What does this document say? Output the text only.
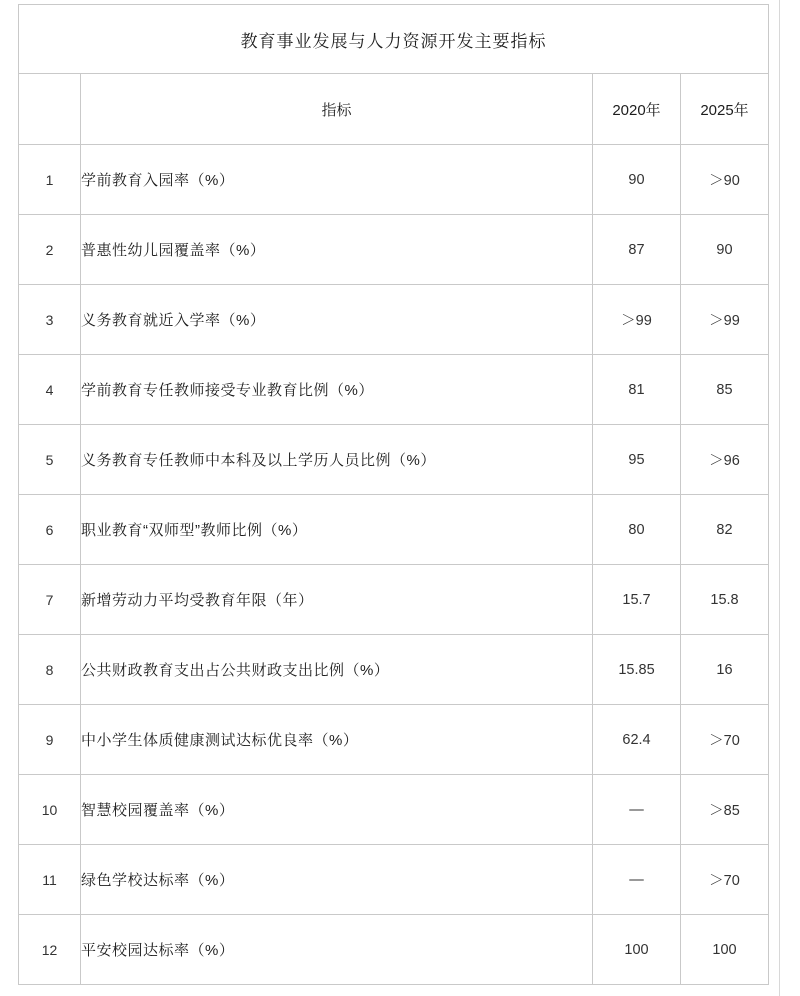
教育事业发展与人力资源开发主要指标			
	指标	2020年	2025年
1	学前教育入园率（%）	90	＞90
2	普惠性幼儿园覆盖率（%）	87	90
3	义务教育就近入学率（%）	＞99	＞99
4	学前教育专任教师接受专业教育比例（%）	81	85
5	义务教育专任教师中本科及以上学历人员比例（%）	95	＞96
6	职业教育“双师型”教师比例（%）	80	82
7	新增劳动力平均受教育年限（年）	15.7	15.8
8	公共财政教育支出占公共财政支出比例（%）	15.85	16
9	中小学生体质健康测试达标优良率（%）	62.4	＞70
10	智慧校园覆盖率（%）	—	＞85
11	绿色学校达标率（%）	—	＞70
12	平安校园达标率（%）	100	100
